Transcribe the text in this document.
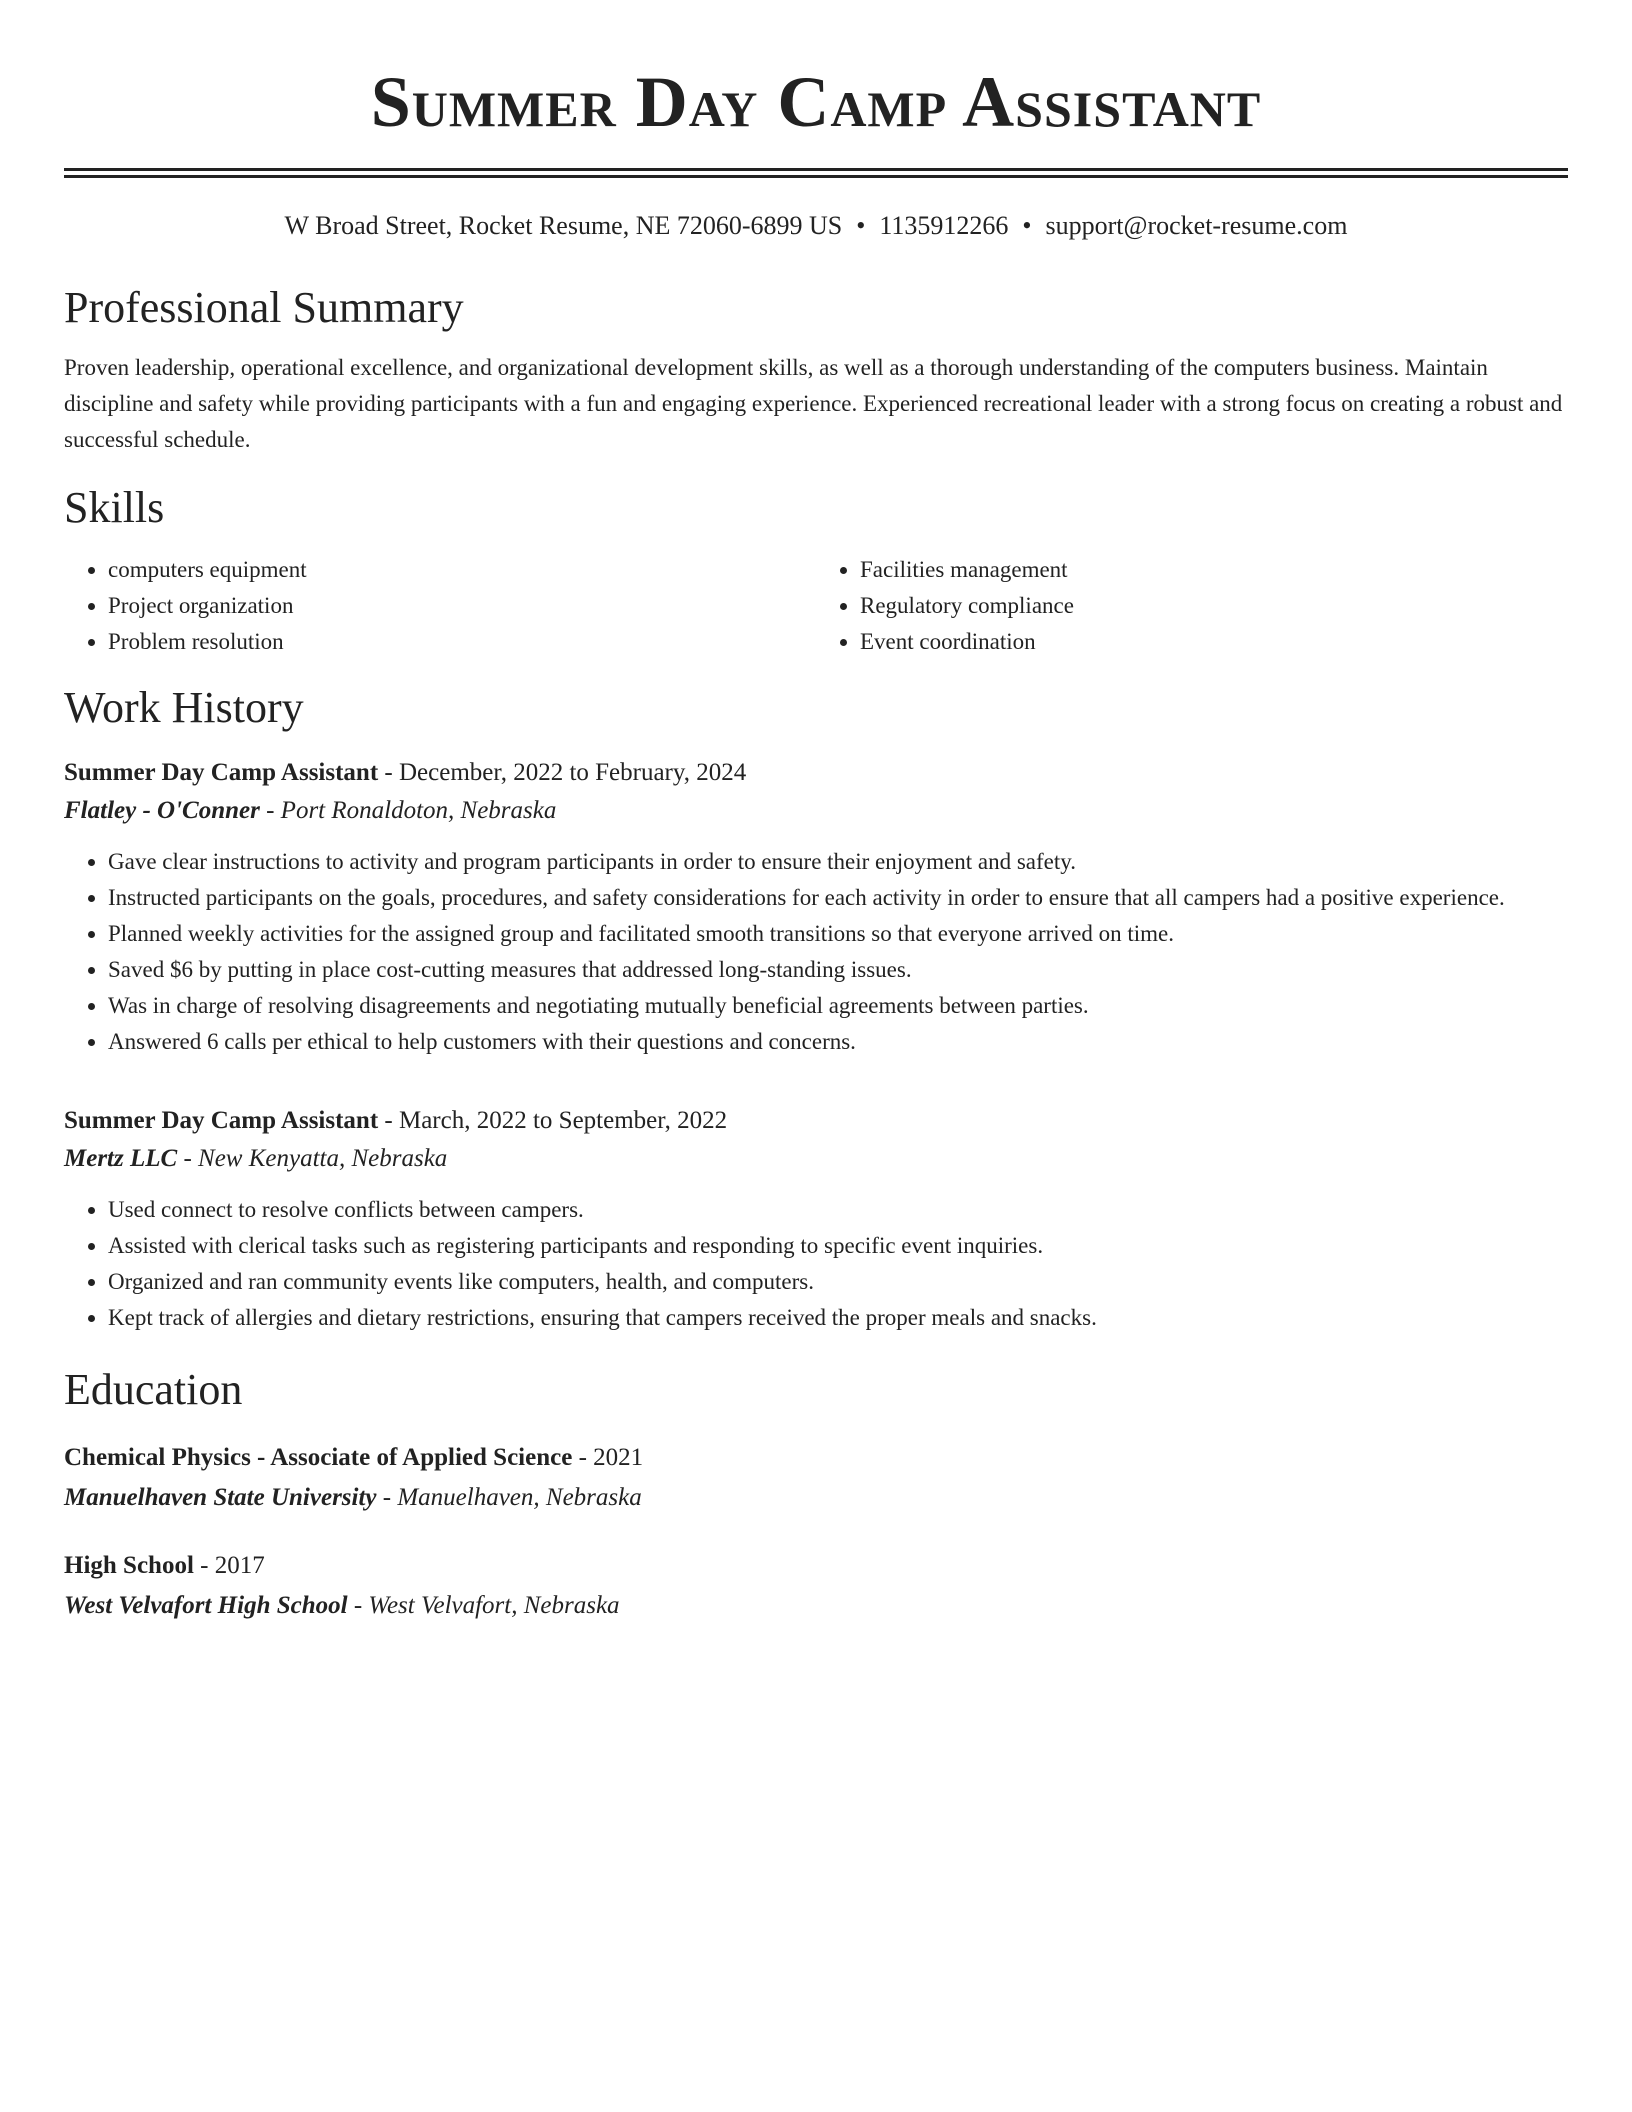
Summer Day Camp Assistant
W Broad Street, Rocket Resume, NE 72060-6899 US • 1135912266 • support@rocket-resume.com
Professional Summary

Proven leadership, operational excellence, and organizational development skills, as well as a thorough understanding of the computers business. Maintain discipline and safety while providing participants with a fun and engaging experience. Experienced recreational leader with a strong focus on creating a robust and successful schedule.

Skills
• computers equipment
• Project organization
• Problem resolution
• Facilities management
• Regulatory compliance
• Event coordination
Work History
Summer Day Camp Assistant - December, 2022 to February, 2024
Flatley - O'Conner - Port Ronaldoton, Nebraska
• Gave clear instructions to activity and program participants in order to ensure their enjoyment and safety.
• Instructed participants on the goals, procedures, and safety considerations for each activity in order to ensure that all campers had a positive experience.
• Planned weekly activities for the assigned group and facilitated smooth transitions so that everyone arrived on time.
• Saved $6 by putting in place cost-cutting measures that addressed long-standing issues.
• Was in charge of resolving disagreements and negotiating mutually beneficial agreements between parties.
• Answered 6 calls per ethical to help customers with their questions and concerns.
Summer Day Camp Assistant - March, 2022 to September, 2022
Mertz LLC - New Kenyatta, Nebraska
• Used connect to resolve conflicts between campers.
• Assisted with clerical tasks such as registering participants and responding to specific event inquiries.
• Organized and ran community events like computers, health, and computers.
• Kept track of allergies and dietary restrictions, ensuring that campers received the proper meals and snacks.
Education
Chemical Physics - Associate of Applied Science - 2021
Manuelhaven State University - Manuelhaven, Nebraska
High School - 2017
West Velvafort High School - West Velvafort, Nebraska
